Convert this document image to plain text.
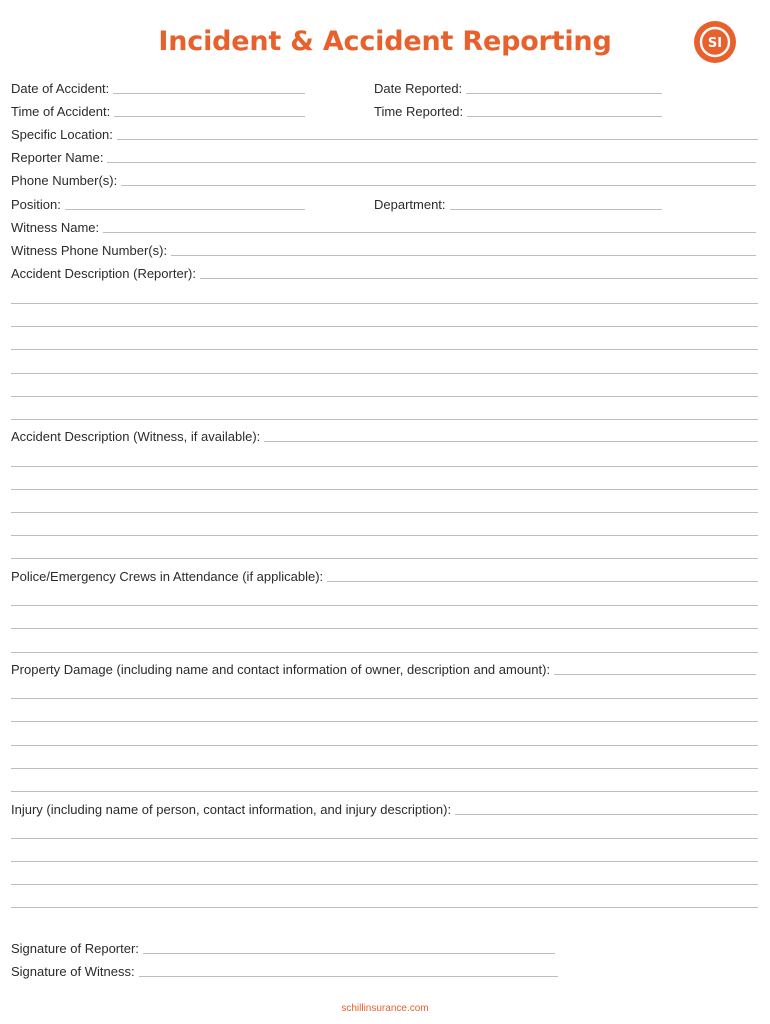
Incident & Accident Reporting	SI
Date of Accident:	Date Reported:
Time of Accident:	Time Reported:
Specific Location:
Reporter Name:
Phone Number(s):
Position:	Department:
Witness Name:
Witness Phone Number(s):
Accident Description (Reporter):
Accident Description (Witness, if available):
Police/Emergency Crews in Attendance (if applicable):
Property Damage (including name and contact information of owner, description and amount):
Injury (including name of person, contact information, and injury description):
Signature of Reporter:
Signature of Witness:
schillinsurance.com
